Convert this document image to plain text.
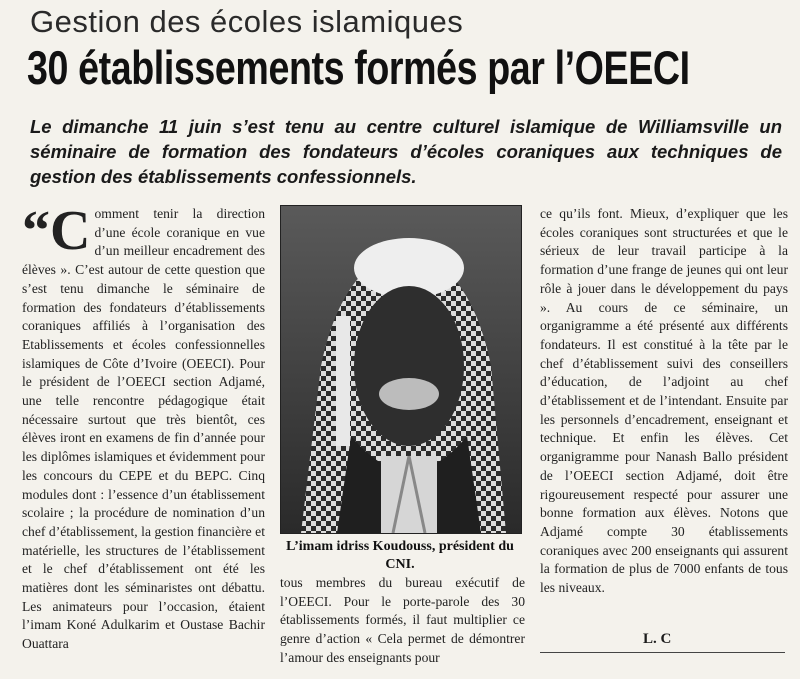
Gestion des écoles islamiques
30 établissements formés par l’OEECI
Le dimanche 11 juin s’est tenu au centre culturel islamique de Williamsville un séminaire de formation des fondateurs d’écoles coraniques aux techniques de gestion des établissements confessionnels.
“C omment tenir la direction d’une école coranique en vue d’un meilleur encadrement des élèves ». C’est autour de cette question que s’est tenu dimanche le séminaire de formation des fondateurs d’établissements coraniques affiliés à l’organisation des Etablissements et écoles confessionnelles islamiques de Côte d’Ivoire (OEECI). Pour le président de l’OEECI section Adjamé, une telle rencontre pédagogique était nécessaire surtout que très bientôt, ces élèves iront en examens de fin d’année pour les diplômes islamiques et évidemment pour les concours du CEPE et du BEPC. Cinq modules dont : l’essence d’un établissement scolaire ; la procédure de nomination d’un chef d’établissement, la gestion financière et matérielle, les structures de l’établissement et le chef d’établissement ont été les matières dont les séminaristes ont débattu. Les animateurs pour l’occasion, étaient l’imam Koné Adulkarim et Oustase Bachir Ouattara
L’imam idriss Koudouss, président du CNI.
tous membres du bureau exécutif de l’OEECI. Pour le porte-parole des 30 établissements formés, il faut multiplier ce genre d’action « Cela permet de démontrer l’amour des enseignants pour
ce qu’ils font. Mieux, d’expliquer que les écoles coraniques sont structurées et que le sérieux de leur travail participe à la formation d’une frange de jeunes qui ont leur rôle à jouer dans le développement du pays ». Au cours de ce séminaire, un organigramme a été présenté aux différents fondateurs. Il est constitué à la tête par le chef d’établissement suivi des conseillers d’éducation, de l’adjoint au chef d’établissement et de l’intendant. Ensuite par les personnels d’encadrement, enseignant et technique. Et enfin les élèves. Cet organigramme pour Nanash Ballo président de l’OEECI section Adjamé, doit être rigoureusement respecté pour assurer une bonne formation aux élèves. Notons que Adjamé compte 30 établissements coraniques avec 200 enseignants qui assurent la formation de plus de 7000 enfants de tous les niveaux.
L. C
